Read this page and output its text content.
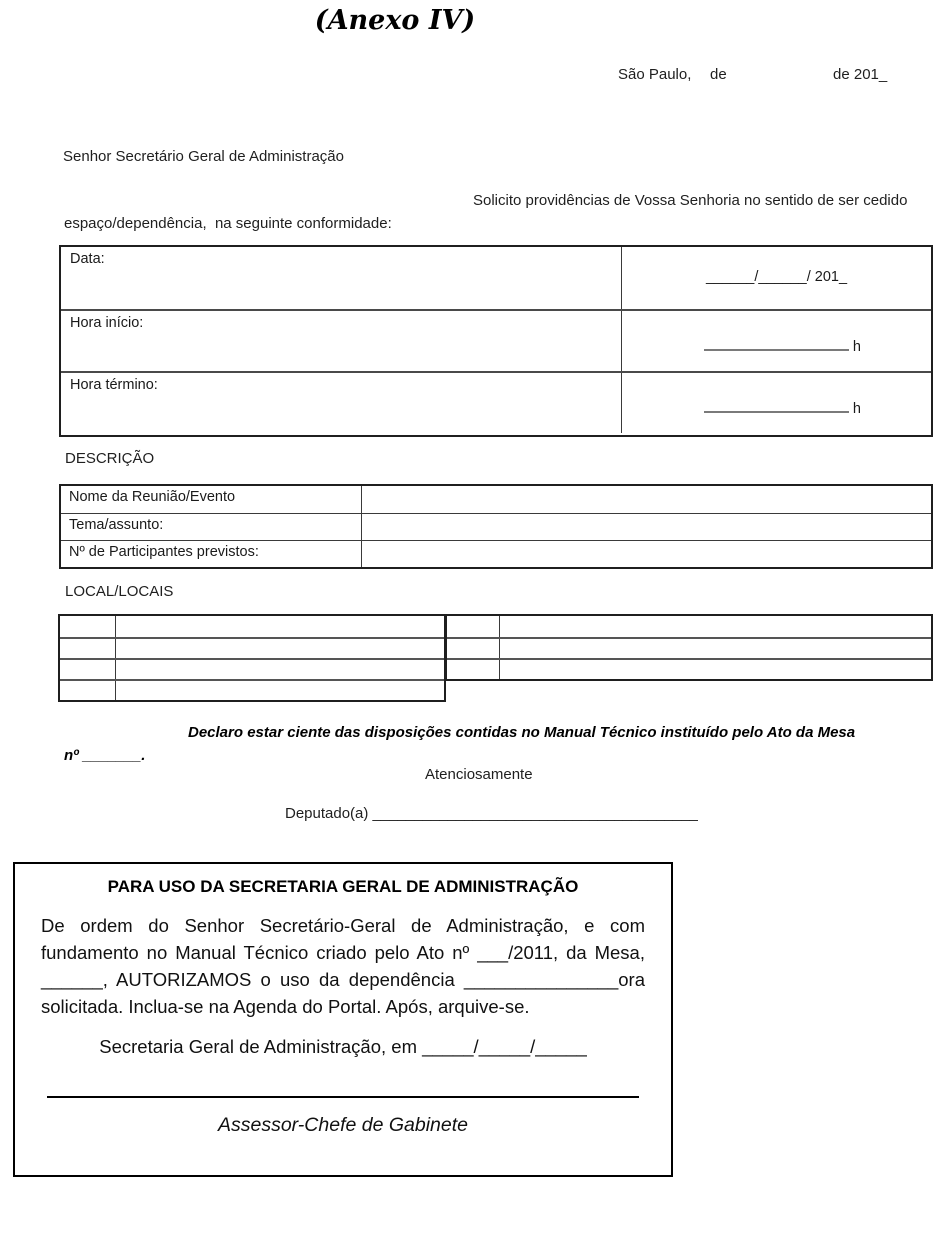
(Anexo IV)

São Paulo,

de

	de 201_

Senhor Secretário Geral de Administração
Solicito providências de Vossa Senhoria no sentido de ser cedido
espaço/dependência,  na seguinte conformidade:
Data:
______/______/ 201_
Hora início:
h
Hora término:
h
DESCRIÇÃO
Nome da Reunião/Evento
Tema/assunto:
Nº de Participantes previstos:
LOCAL/LOCAIS
Declaro estar ciente das disposições contidas no Manual Técnico instituído pelo Ato da Mesa
nº _______.
Atenciosamente
Deputado(a) _______________________________________
PARA USO DA SECRETARIA GERAL DE ADMINISTRAÇÃO
De ordem do Senhor Secretário-Geral de Administração, e com
fundamento no Manual Técnico criado pelo Ato nº ___/2011, da Mesa,
______, AUTORIZAMOS o uso da dependência _______________ora
solicitada. Inclua-se na Agenda do Portal. Após, arquive-se.
Secretaria Geral de Administração, em _____/_____/_____
Assessor-Chefe de Gabinete
